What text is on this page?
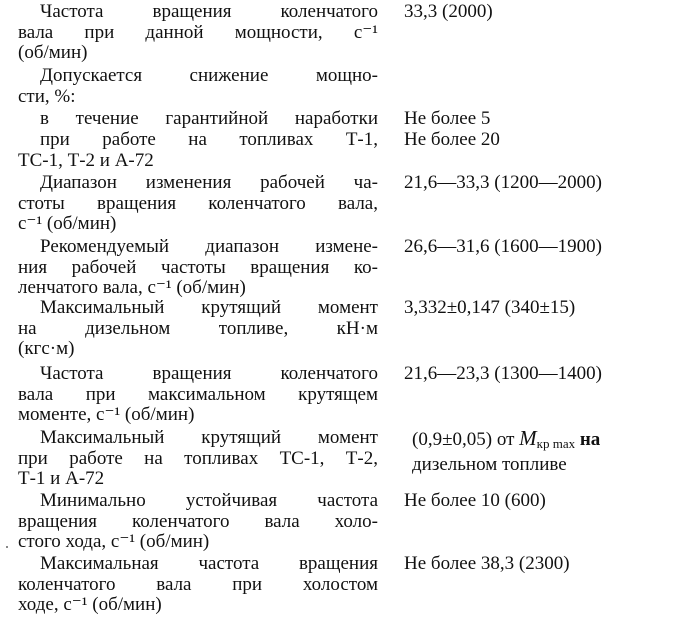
Частота вращения коленчатого
вала при данной мощности, с⁻¹
(об/мин)
33,3 (2000)
Допускается снижение мощно-
сти, %:
в течение гарантийной наработки Не более 5
при работе на топливах Т-1,
ТС-1, Т-2 и А-72
Не более 20
Диапазон изменения рабочей ча-
стоты вращения коленчатого вала,
с⁻¹ (об/мин)
21,6—33,3 (1200—2000)
Рекомендуемый диапазон измене-
ния рабочей частоты вращения ко-
ленчатого вала, с⁻¹ (об/мин)
26,6—31,6 (1600—1900)
Максимальный крутящий момент
на дизельном топливе, кН·м
(кгс·м)
3,332±0,147 (340±15)
Частота вращения коленчатого
вала при максимальном крутящем
моменте, с⁻¹ (об/мин)
21,6—23,3 (1300—1400)
Максимальный крутящий момент
при работе на топливах ТС-1, Т-2,
Т-1 и А-72
(0,9±0,05) от $M_{кр max}$ на
дизельном топливе
Минимально устойчивая частота
вращения коленчатого вала холо-
стого хода, с⁻¹ (об/мин)
Не более 10 (600)
Максимальная частота вращения
коленчатого вала при холостом
ходе, с⁻¹ (об/мин)
Не более 38,3 (2300)
